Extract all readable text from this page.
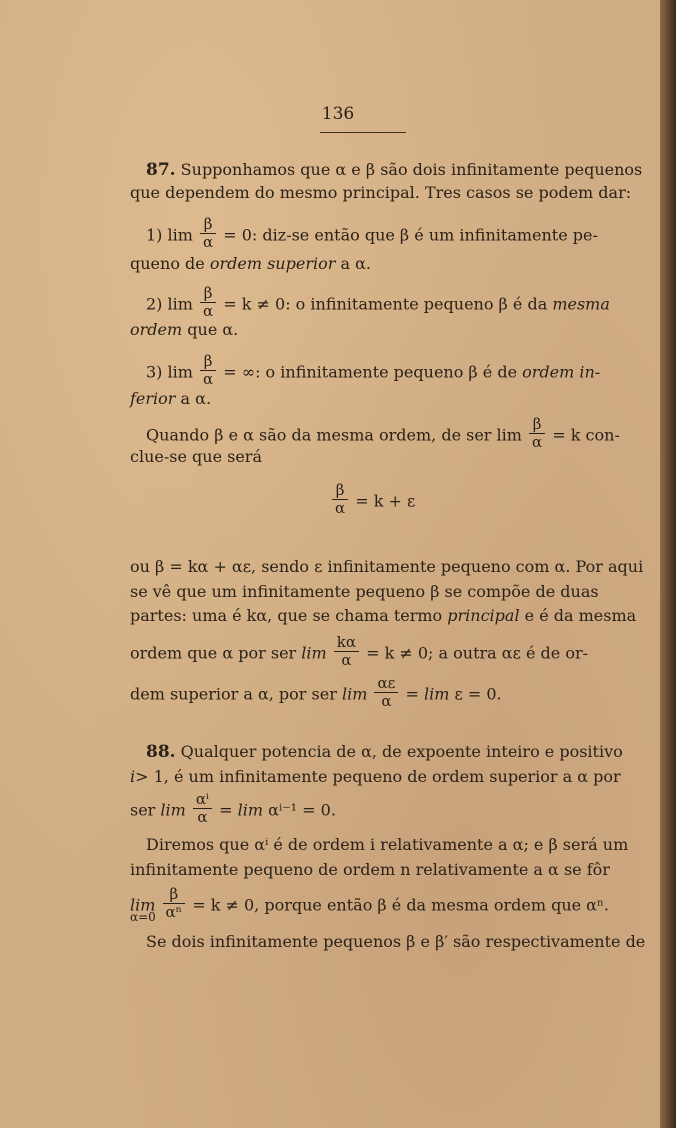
136
87. Supponhamos que α e β são dois infinitamente pequenos
que dependem do mesmo principal. Tres casos se podem dar:
1) $\lim \frac{\beta}{\alpha} = 0$: diz-se então que β é um infinitamente pe-
queno de ordem superior a α.
2) $\lim \frac{\beta}{\alpha} = k \ne 0$: o infinitamente pequeno β é da mesma
ordem que α.
3) $\lim \frac{\beta}{\alpha}$ = ∞: o infinitamente pequeno β é de ordem in-
ferior a α.
Quando β e α são da mesma ordem, de ser $\lim \frac{\beta}{\alpha} = k$ con-
clue-se que será
$\frac{\beta}{\alpha} = k + \varepsilon$
ou β = kα + αε, sendo ε infinitamente pequeno com α. Por aqui
se vê que um infinitamente pequeno β se compõe de duas
partes: uma é kα, que se chama termo principal e é da mesma
ordem que α por ser $\lim \frac{k\alpha}{\alpha} = k \ne 0$; a outra αε é de or-
dem superior a α, por ser $\lim \frac{\alpha\varepsilon}{\alpha} = \lim \varepsilon = 0$.
88. Qualquer potencia de α, de expoente inteiro e positivo
i> 1, é um infinitamente pequeno de ordem superior a α por
ser $\lim \frac{\text{αⁱ}}{\alpha} = \lim \alpha^{i-1} = 0$.
Diremos que αⁱ é de ordem i relativamente a α; e β será um
infinitamente pequeno de ordem n relativamente a α se fôr
$\lim \frac{\beta}{\text{αⁿ}} = k \ne 0$, porque então β é da mesma ordem que αⁿ.
α=0
Se dois infinitamente pequenos β e β′ são respectivamente de
